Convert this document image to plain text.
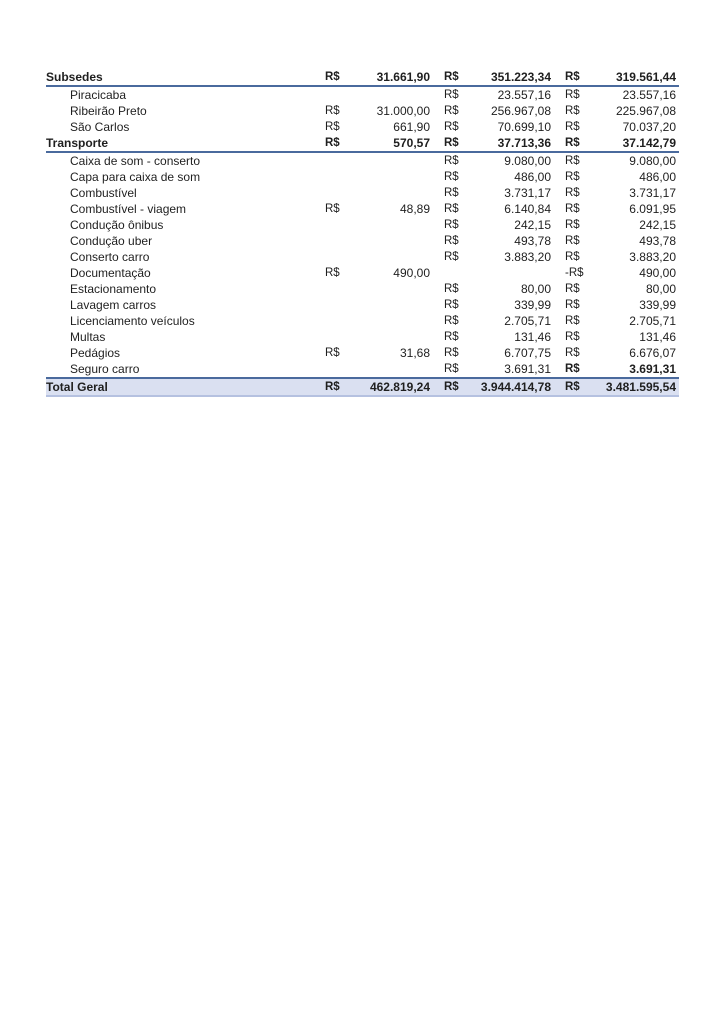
Subsedes	R$	31.661,90	R$	351.223,34	R$	319.561,44
Piracicaba			R$	23.557,16	R$	23.557,16
Ribeirão Preto	R$	31.000,00	R$	256.967,08	R$	225.967,08
São Carlos	R$	661,90	R$	70.699,10	R$	70.037,20
Transporte	R$	570,57	R$	37.713,36	R$	37.142,79
Caixa de som - conserto			R$	9.080,00	R$	9.080,00
Capa para caixa de som			R$	486,00	R$	486,00
Combustível			R$	3.731,17	R$	3.731,17
Combustível - viagem	R$	48,89	R$	6.140,84	R$	6.091,95
Condução ônibus			R$	242,15	R$	242,15
Condução uber			R$	493,78	R$	493,78
Conserto carro			R$	3.883,20	R$	3.883,20
Documentação	R$	490,00			-R$	490,00
Estacionamento			R$	80,00	R$	80,00
Lavagem carros			R$	339,99	R$	339,99
Licenciamento veículos			R$	2.705,71	R$	2.705,71
Multas			R$	131,46	R$	131,46
Pedágios	R$	31,68	R$	6.707,75	R$	6.676,07
Seguro carro			R$	3.691,31	R$	3.691,31
Total Geral	R$	462.819,24	R$	3.944.414,78	R$	3.481.595,54
